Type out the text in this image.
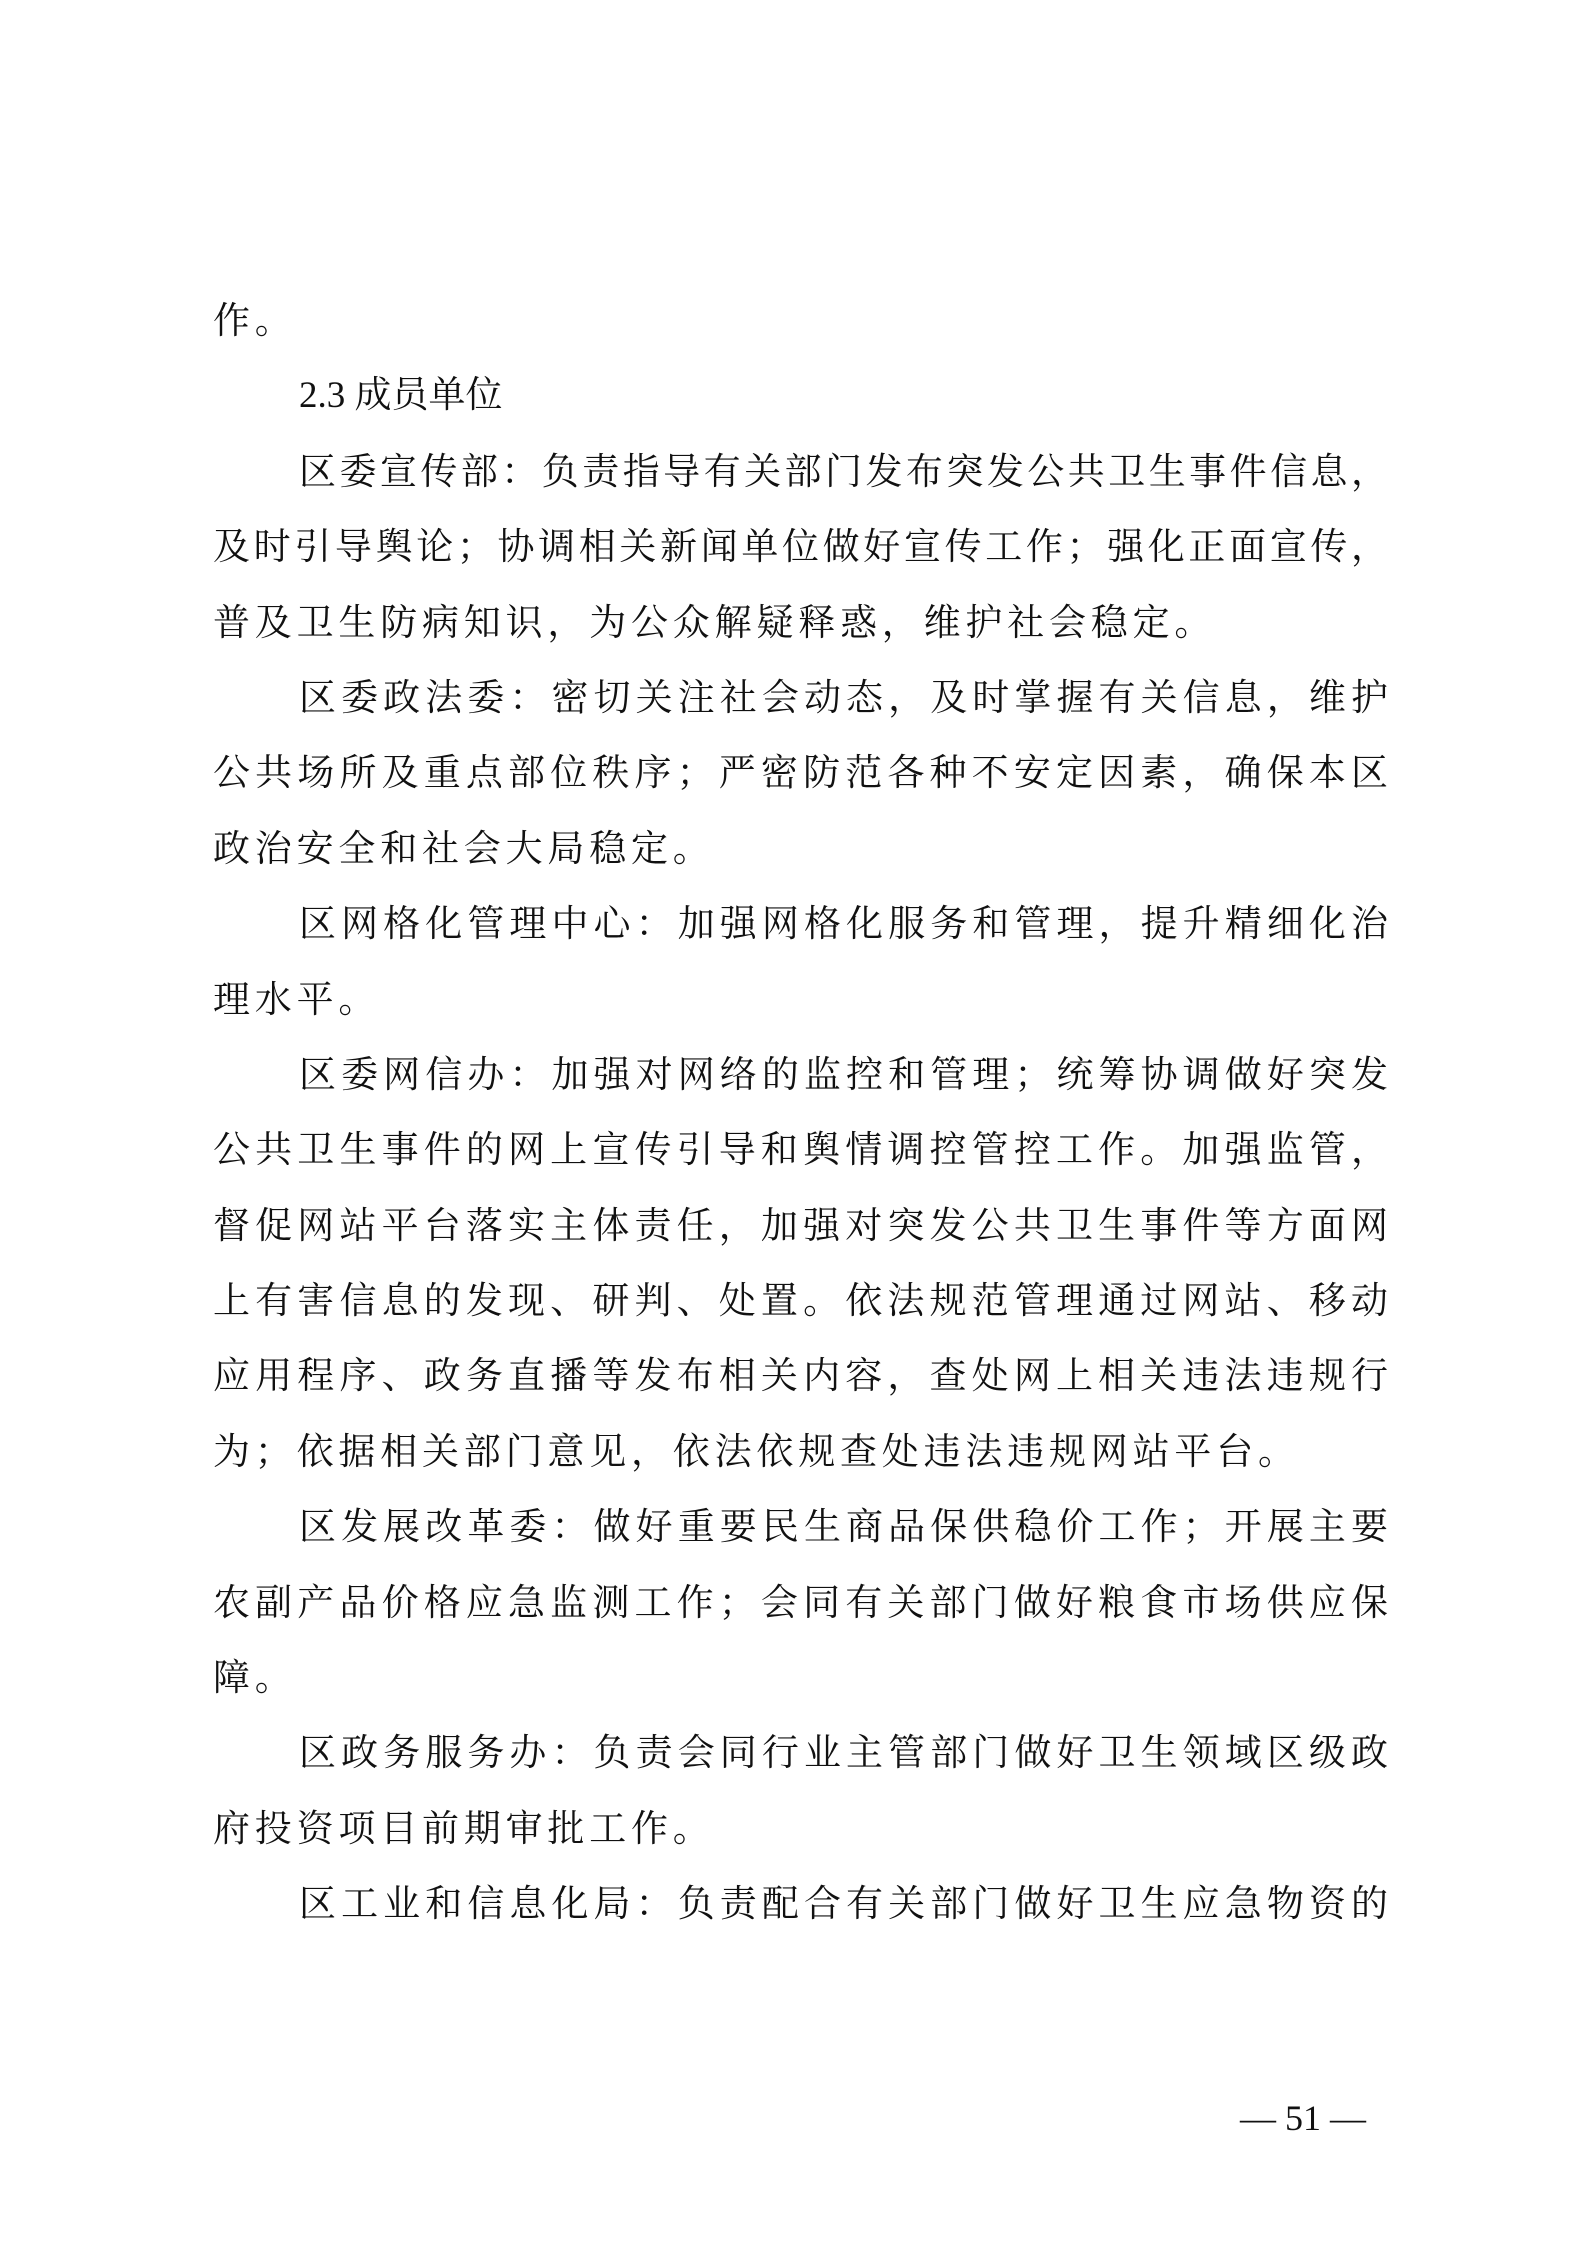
作。
2.3 成员单位
区委宣传部：负责指导有关部门发布突发公共卫生事件信息，
及时引导舆论；协调相关新闻单位做好宣传工作；强化正面宣传，
普及卫生防病知识，为公众解疑释惑，维护社会稳定。
区委政法委：密切关注社会动态，及时掌握有关信息，维护
公共场所及重点部位秩序；严密防范各种不安定因素，确保本区
政治安全和社会大局稳定。
区网格化管理中心：加强网格化服务和管理，提升精细化治
理水平。
区委网信办：加强对网络的监控和管理；统筹协调做好突发
公共卫生事件的网上宣传引导和舆情调控管控工作。加强监管，
督促网站平台落实主体责任，加强对突发公共卫生事件等方面网
上有害信息的发现、研判、处置。依法规范管理通过网站、移动
应用程序、政务直播等发布相关内容，查处网上相关违法违规行
为；依据相关部门意见，依法依规查处违法违规网站平台。
区发展改革委：做好重要民生商品保供稳价工作；开展主要
农副产品价格应急监测工作；会同有关部门做好粮食市场供应保
障。
区政务服务办：负责会同行业主管部门做好卫生领域区级政
府投资项目前期审批工作。
区工业和信息化局：负责配合有关部门做好卫生应急物资的
— 51 —
